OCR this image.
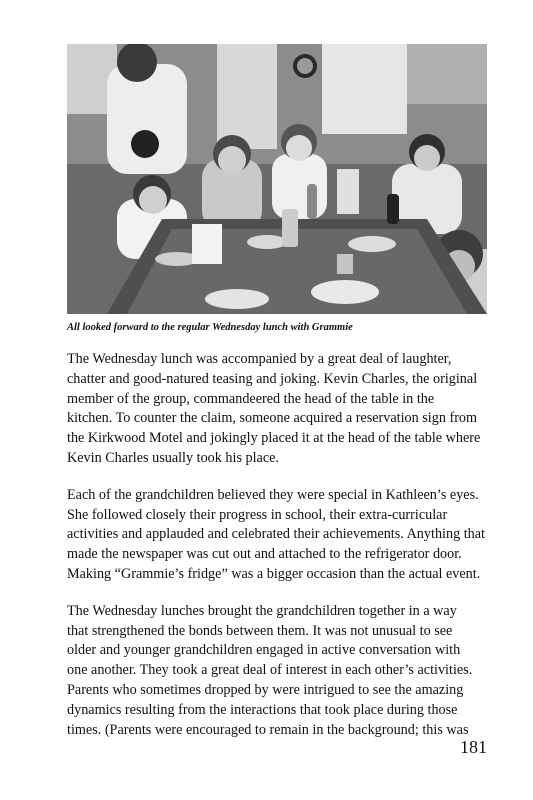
All looked forward to the regular Wednesday lunch with Grammie

The Wednesday lunch was accompanied by a great deal of laughter,
chatter and good-natured teasing and joking. Kevin Charles, the original
member of the group, commandeered the head of the table in the
kitchen. To counter the claim, someone acquired a reservation sign from
the Kirkwood Motel and jokingly placed it at the head of the table where
Kevin Charles usually took his place.

Each of the grandchildren believed they were special in Kathleen’s eyes.
She followed closely their progress in school, their extra-curricular
activities and applauded and celebrated their achievements. Anything that
made the newspaper was cut out and attached to the refrigerator door.
Making “Grammie’s fridge” was a bigger occasion than the actual event.

The Wednesday lunches brought the grandchildren together in a way
that strengthened the bonds between them. It was not unusual to see
older and younger grandchildren engaged in active conversation with
one another. They took a great deal of interest in each other’s activities.
Parents who sometimes dropped by were intrigued to see the amazing
dynamics resulting from the interactions that took place during those
times. (Parents were encouraged to remain in the background; this was

181
